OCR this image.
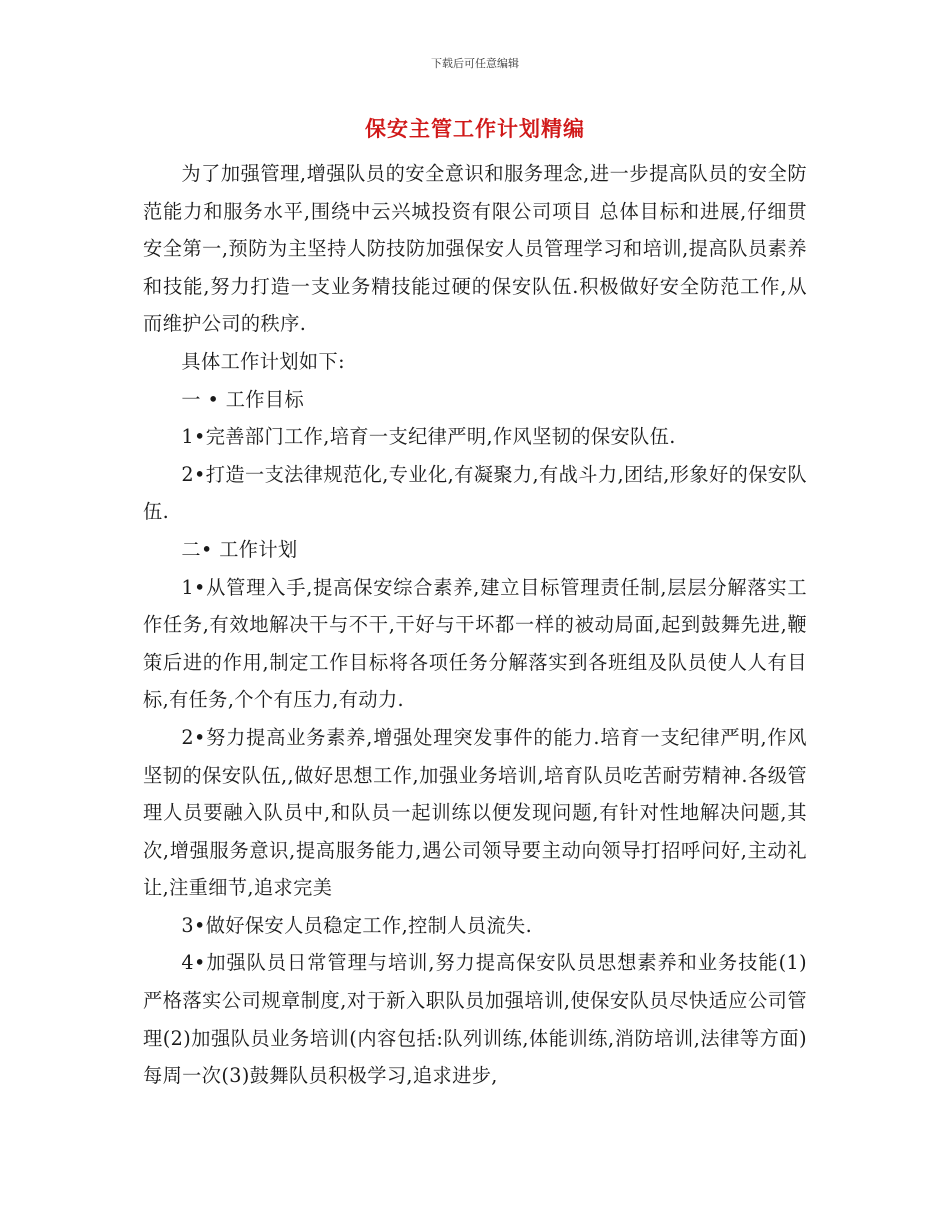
下载后可任意编辑
保安主管工作计划精编

为了加强管理,增强队员的安全意识和服务理念,进一步提高队员的安全防范能力和服务水平,围绕中云兴城投资有限公司项目 总体目标和进展,仔细贯安全第一,预防为主坚持人防技防加强保安人员管理学习和培训,提高队员素养和技能,努力打造一支业务精技能过硬的保安队伍.积极做好安全防范工作,从而维护公司的秩序.

具体工作计划如下:

一 • 工作目标

1•完善部门工作,培育一支纪律严明,作风坚韧的保安队伍.

2•打造一支法律规范化,专业化,有凝聚力,有战斗力,团结,形象好的保安队伍.

二• 工作计划

1•从管理入手,提高保安综合素养,建立目标管理责任制,层层分解落实工作任务,有效地解决干与不干,干好与干坏都一样的被动局面,起到鼓舞先进,鞭策后进的作用,制定工作目标将各项任务分解落实到各班组及队员使人人有目标,有任务,个个有压力,有动力.

2•努力提高业务素养,增强处理突发事件的能力.培育一支纪律严明,作风坚韧的保安队伍,,做好思想工作,加强业务培训,培育队员吃苦耐劳精神.各级管理人员要融入队员中,和队员一起训练以便发现问题,有针对性地解决问题,其次,增强服务意识,提高服务能力,遇公司领导要主动向领导打招呼问好,主动礼让,注重细节,追求完美

3•做好保安人员稳定工作,控制人员流失.

4•加强队员日常管理与培训,努力提高保安队员思想素养和业务技能(1)严格落实公司规章制度,对于新入职队员加强培训,使保安队员尽快适应公司管理(2)加强队员业务培训(内容包括:队列训练,体能训练,消防培训,法律等方面)每周一次(3)鼓舞队员积极学习,追求进步,
